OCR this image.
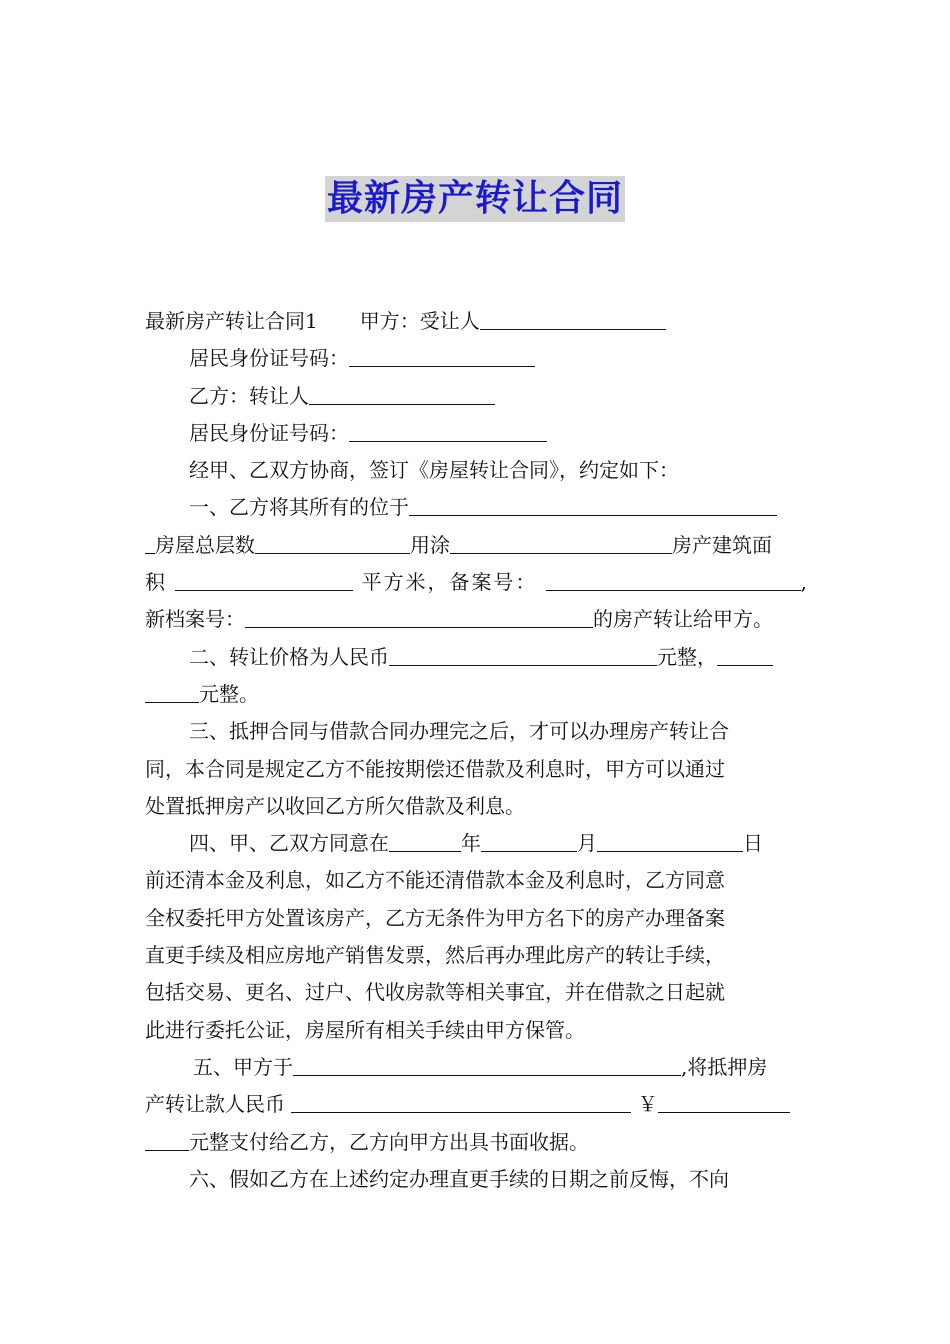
最新房产转让合同
最新房产转让合同1 甲方：受让人
居民身份证号码：
乙方：转让人
居民身份证号码：
经甲、乙双方协商，签订《房屋转让合同》，约定如下：
一、乙方将其所有的位于
房屋总层数	用涂	房产建筑面
积	平方米，备案号：	,
新档案号：	的房产转让给甲方。
二、转让价格为人民币	元整，
元整。
三、抵押合同与借款合同办理完之后，才可以办理房产转让合
同，本合同是规定乙方不能按期偿还借款及利息时，甲方可以通过
处置抵押房产以收回乙方所欠借款及利息。
四、甲、乙双方同意在	年	月	日
前还清本金及利息，如乙方不能还清借款本金及利息时，乙方同意
全权委托甲方处置该房产，乙方无条件为甲方名下的房产办理备案
直更手续及相应房地产销售发票，然后再办理此房产的转让手续，
包括交易、更名、过户、代收房款等相关事宜，并在借款之日起就
此进行委托公证，房屋所有相关手续由甲方保管。
五、甲方于	,将抵押房
产转让款人民币	￥
元整支付给乙方，乙方向甲方出具书面收据。
六、假如乙方在上述约定办理直更手续的日期之前反悔，不向
